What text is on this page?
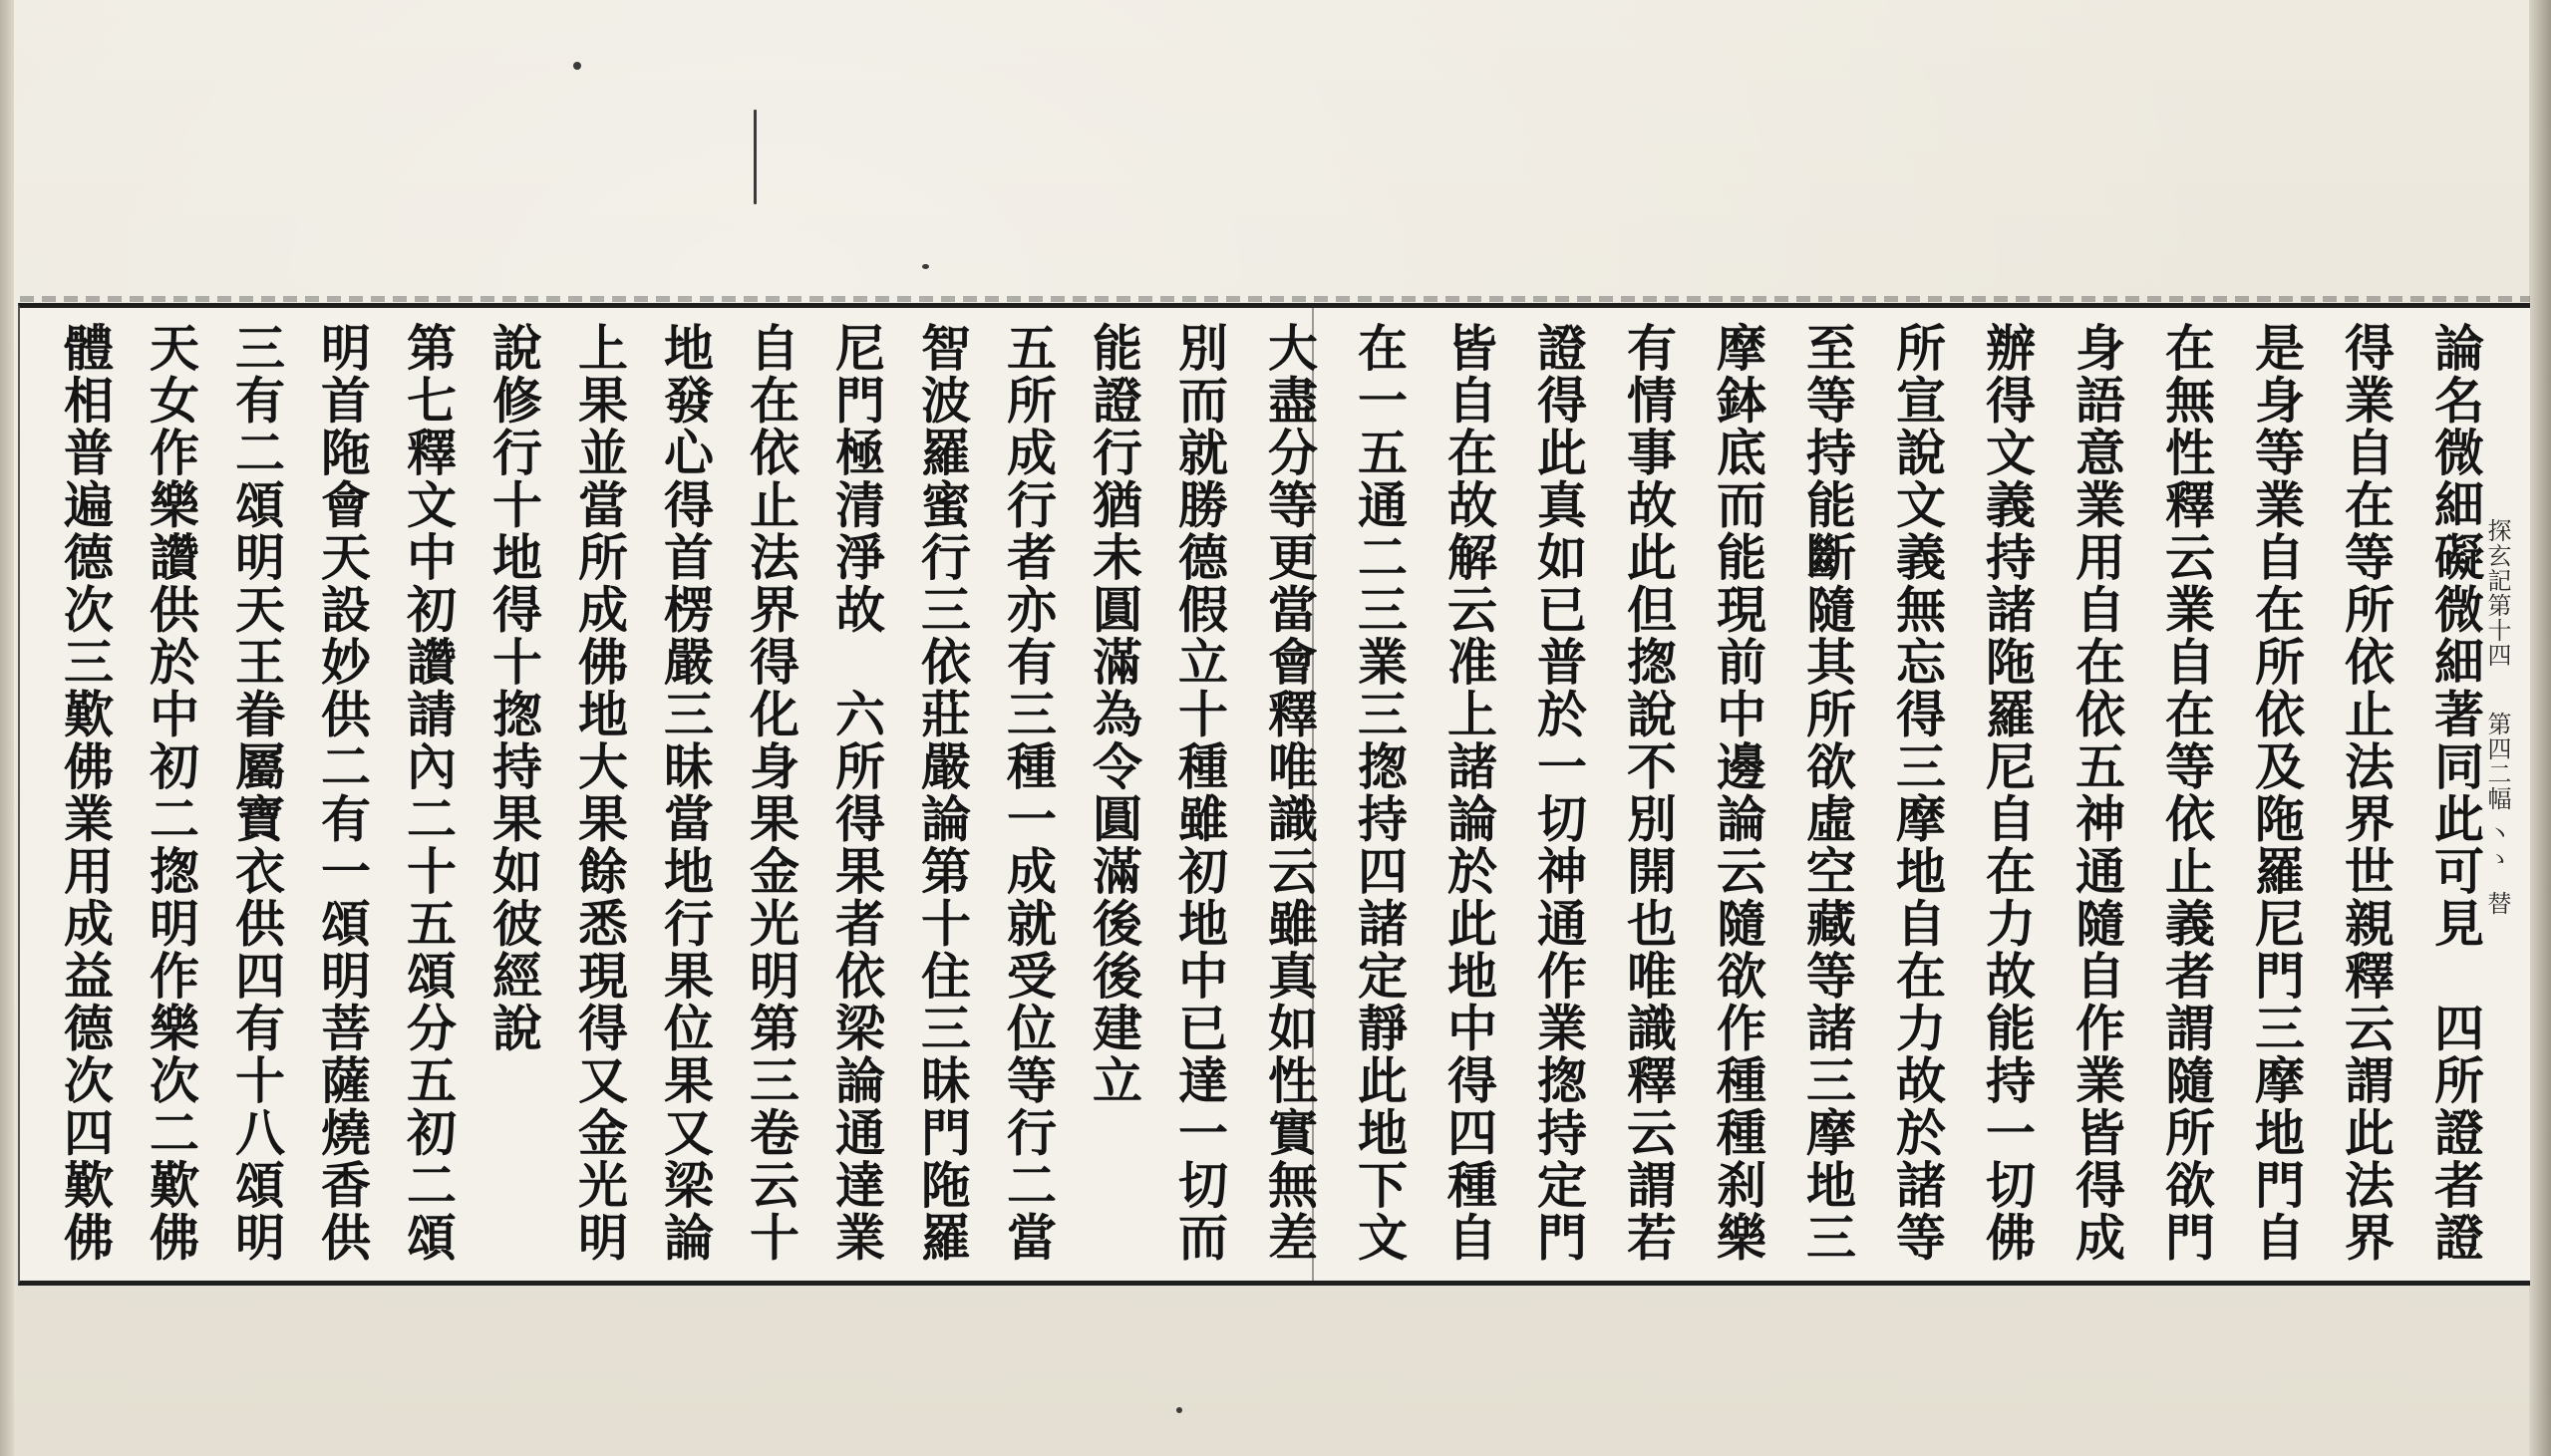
論名微細礙微細著同此可見　四所證者證
得業自在等所依止法界世親釋云謂此法界
是身等業自在所依及陁羅尼門三摩地門自
在無性釋云業自在等依止義者謂隨所欲門
身語意業用自在依五神通隨自作業皆得成
辦得文義持諸陁羅尼自在力故能持一切佛
所宣說文義無忘得三摩地自在力故於諸等
至等持能斷隨其所欲虛空藏等諸三摩地三
摩鉢底而能現前中邊論云隨欲作種種刹樂
有情事故此但揔說不別開也唯識釋云謂若
證得此真如已普於一切神通作業揔持定門
皆自在故解云准上諸論於此地中得四種自
在一五通二三業三揔持四諸定靜此地下文
大盡分等更當會釋唯識云雖真如性實無差
別而就勝德假立十種雖初地中已達一切而
能證行猶未圓滿為令圓滿後後建立
五所成行者亦有三種一成就受位等行二當
智波羅蜜行三依莊嚴論第十住三昧門陁羅
尼門極清淨故　六所得果者依梁論通達業
自在依止法界得化身果金光明第三卷云十
地發心得首楞嚴三昧當地行果位果又梁論
上果並當所成佛地大果餘悉現得又金光明
說修行十地得十揔持果如彼經說
第七釋文中初讚請內二十五頌分五初二頌
明首陁會天設妙供二有一頌明菩薩燒香供
三有二頌明天王眷屬寶衣供四有十八頌明
天女作樂讚供於中初二揔明作樂次二歎佛
體相普遍德次三歎佛業用成益德次四歎佛	探玄記第十四第四二幅丶ゝ替
